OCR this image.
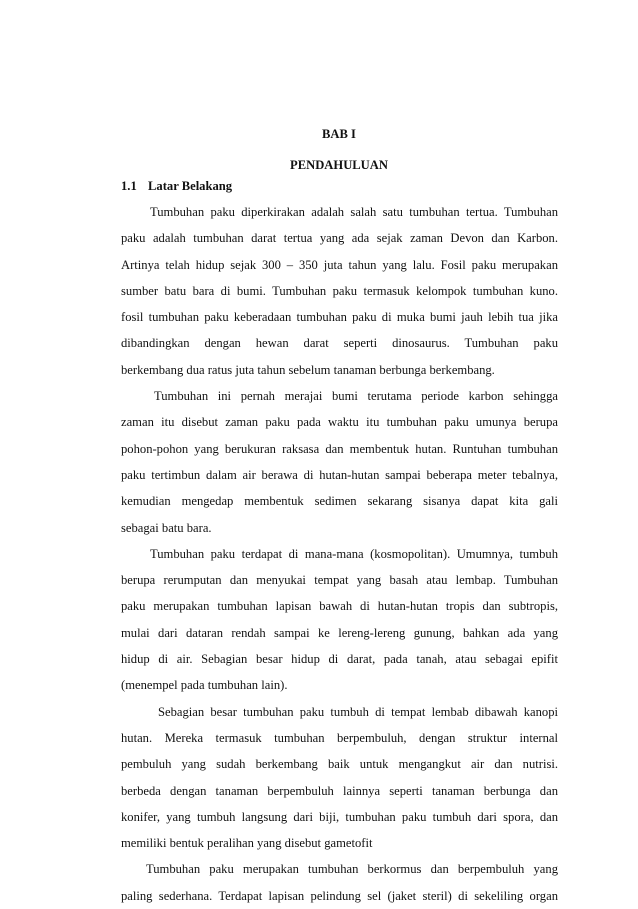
BAB I
PENDAHULUAN
1.1 Latar Belakang
Tumbuhan paku diperkirakan adalah salah satu tumbuhan tertua. Tumbuhan
paku adalah tumbuhan darat tertua yang ada sejak zaman Devon dan Karbon.
Artinya telah hidup sejak 300 – 350 juta tahun yang lalu. Fosil paku merupakan
sumber batu bara di bumi. Tumbuhan paku termasuk kelompok tumbuhan kuno.
fosil tumbuhan paku keberadaan tumbuhan paku di muka bumi jauh lebih tua jika
dibandingkan dengan hewan darat seperti dinosaurus. Tumbuhan paku
berkembang dua ratus juta tahun sebelum tanaman berbunga berkembang.
Tumbuhan ini pernah merajai bumi terutama periode karbon sehingga
zaman itu disebut zaman paku pada waktu itu tumbuhan paku umunya berupa
pohon-pohon yang berukuran raksasa dan membentuk hutan. Runtuhan tumbuhan
paku tertimbun dalam air berawa di hutan-hutan sampai beberapa meter tebalnya,
kemudian mengedap membentuk sedimen sekarang sisanya dapat kita gali
sebagai batu bara.
Tumbuhan paku terdapat di mana-mana (kosmopolitan). Umumnya, tumbuh
berupa rerumputan dan menyukai tempat yang basah atau lembap. Tumbuhan
paku merupakan tumbuhan lapisan bawah di hutan-hutan tropis dan subtropis,
mulai dari dataran rendah sampai ke lereng-lereng gunung, bahkan ada yang
hidup di air. Sebagian besar hidup di darat, pada tanah, atau sebagai epifit
(menempel pada tumbuhan lain).
Sebagian besar tumbuhan paku tumbuh di tempat lembab dibawah kanopi
hutan. Mereka termasuk tumbuhan berpembuluh, dengan struktur internal
pembuluh yang sudah berkembang baik untuk mengangkut air dan nutrisi.
berbeda dengan tanaman berpembuluh lainnya seperti tanaman berbunga dan
konifer, yang tumbuh langsung dari biji, tumbuhan paku tumbuh dari spora, dan
memiliki bentuk peralihan yang disebut gametofit
Tumbuhan paku merupakan tumbuhan berkormus dan berpembuluh yang
paling sederhana. Terdapat lapisan pelindung sel (jaket steril) di sekeliling organ
